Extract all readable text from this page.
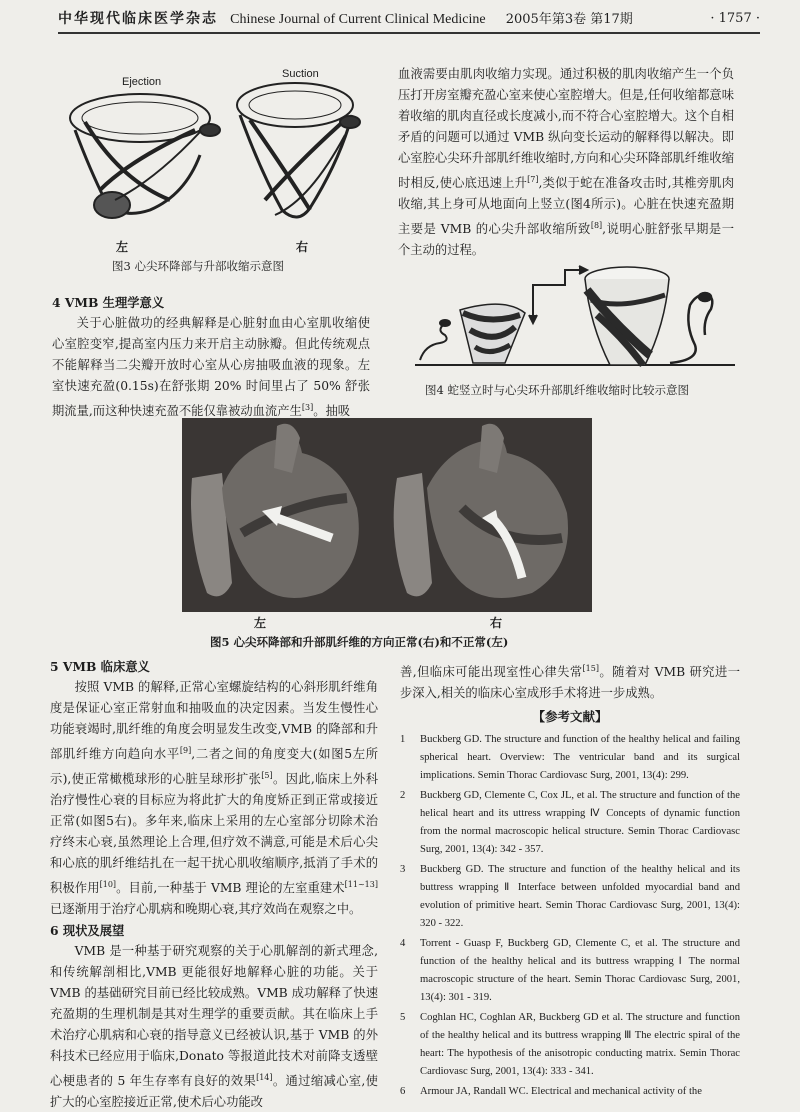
中华现代临床医学杂志 Chinese Journal of Current Clinical Medicine 2005年第3卷 第17期	· 1757 ·
Ejection
Suction
左	右
图3 心尖环降部与升部收缩示意图

4 VMB 生理学意义

关于心脏做功的经典解释是心脏射血由心室肌收缩使心室腔变窄,提高室内压力来开启主动脉瓣。但此传统观点不能解释当二尖瓣开放时心室从心房抽吸血液的现象。左室快速充盈(0.15s)在舒张期 20% 时间里占了 50% 舒张期流量,而这种快速充盈不能仅靠被动血流产生[3]。抽吸

血液需要由肌肉收缩力实现。通过积极的肌肉收缩产生一个负压打开房室瓣充盈心室来使心室腔增大。但是,任何收缩都意味着收缩的肌肉直径或长度减小,而不符合心室腔增大。这个自相矛盾的问题可以通过 VMB 纵向变长运动的解释得以解决。即心室腔心尖环升部肌纤维收缩时,方向和心尖环降部肌纤维收缩时相反,使心底迅速上升[7],类似于蛇在准备攻击时,其椎旁肌肉收缩,其上身可从地面向上竖立(图4所示)。心脏在快速充盈期主要是 VMB 的心尖升部收缩所致[8],说明心脏舒张早期是一个主动的过程。

图4 蛇竖立时与心尖环升部肌纤维收缩时比较示意图
左	右
图5 心尖环降部和升部肌纤维的方向正常(右)和不正常(左)

5 VMB 临床意义

按照 VMB 的解释,正常心室螺旋结构的心斜形肌纤维角度是保证心室正常射血和抽吸血的决定因素。当发生慢性心功能衰竭时,肌纤维的角度会明显发生改变,VMB 的降部和升部肌纤维方向趋向水平[9],二者之间的角度变大(如图5左所示),使正常橄榄球形的心脏呈球形扩张[5]。因此,临床上外科治疗慢性心衰的目标应为将此扩大的角度矫正到正常或接近正常(如图5右)。多年来,临床上采用的左心室部分切除术治疗终末心衰,虽然理论上合理,但疗效不满意,可能是术后心尖和心底的肌纤维结扎在一起干扰心肌收缩顺序,抵消了手术的积极作用[10]。目前,一种基于 VMB 理论的左室重建术[11~13]已逐渐用于治疗心肌病和晚期心衰,其疗效尚在观察之中。

6 现状及展望

VMB 是一种基于研究观察的关于心肌解剖的新式理念,和传统解剖相比,VMB 更能很好地解释心脏的功能。关于 VMB 的基础研究目前已经比较成熟。VMB 成功解释了快速充盈期的生理机制是其对生理学的重要贡献。其在临床上手术治疗心肌病和心衰的指导意义已经被认识,基于 VMB 的外科技术已经应用于临床,Donato 等报道此技术对前降支透壁心梗患者的 5 年生存率有良好的效果[14]。通过缩减心室,使扩大的心室腔接近正常,使术后心功能改

善,但临床可能出现室性心律失常[15]。随着对 VMB 研究进一步深入,相关的临床心室成形手术将进一步成熟。

【参考文献】
1	Buckberg GD. The structure and function of the healthy helical and failing spherical heart. Overview: The ventricular band and its surgical implications. Semin Thorac Cardiovasc Surg, 2001, 13(4): 299.
2	Buckberg GD, Clemente C, Cox JL, et al. The structure and function of the helical heart and its uttress wrapping Ⅳ Concepts of dynamic function from the normal macroscopic helical structure. Semin Thorac Cardiovasc Surg, 2001, 13(4): 342 - 357.
3	Buckberg GD. The structure and function of the healthy helical and its buttress wrapping Ⅱ Interface between unfolded myocardial band and evolution of primitive heart. Semin Thorac Cardiovasc Surg, 2001, 13(4): 320 - 322.
4	Torrent - Guasp F, Buckberg GD, Clemente C, et al. The structure and function of the healthy helical and its buttress wrapping Ⅰ The normal macroscopic structure of the heart. Semin Thorac Cardiovasc Surg, 2001, 13(4): 301 - 319.
5	Coghlan HC, Coghlan AR, Buckberg GD et al. The structure and function of the healthy helical and its buttress wrapping Ⅲ The electric spiral of the heart: The hypothesis of the anisotropic conducting matrix. Semin Thorac Cardiovasc Surg, 2001, 13(4): 333 - 341.
6	Armour JA, Randall WC. Electrical and mechanical activity of the
